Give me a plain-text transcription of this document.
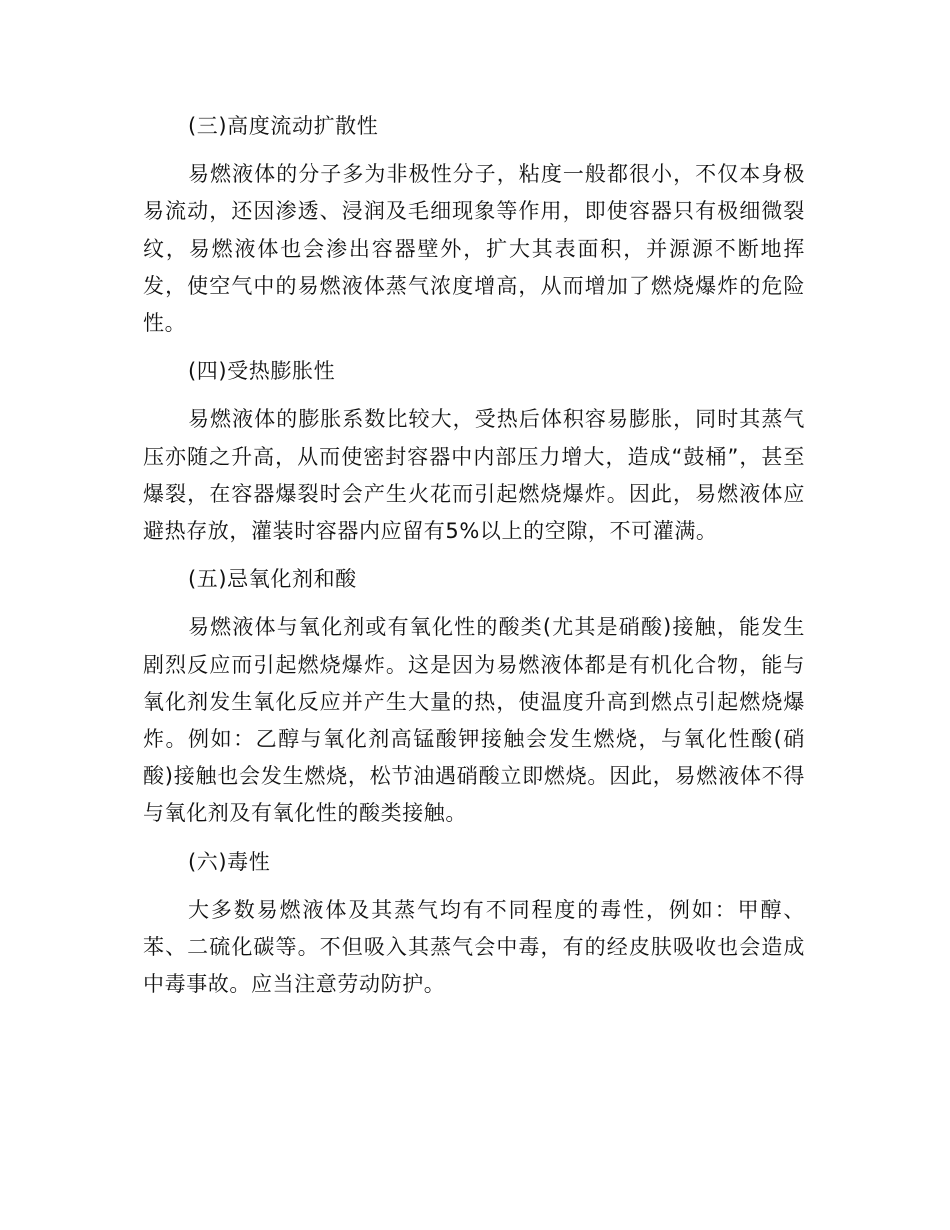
(三)高度流动扩散性

易燃液体的分子多为非极性分子，粘度一般都很小，不仅本身极易流动，还因渗透、浸润及毛细现象等作用，即使容器只有极细微裂纹，易燃液体也会渗出容器壁外，扩大其表面积，并源源不断地挥发，使空气中的易燃液体蒸气浓度增高，从而增加了燃烧爆炸的危险性。

(四)受热膨胀性

易燃液体的膨胀系数比较大，受热后体积容易膨胀，同时其蒸气压亦随之升高，从而使密封容器中内部压力增大，造成“鼓桶”，甚至爆裂，在容器爆裂时会产生火花而引起燃烧爆炸。因此，易燃液体应避热存放，灌装时容器内应留有5%以上的空隙，不可灌满。

(五)忌氧化剂和酸

易燃液体与氧化剂或有氧化性的酸类(尤其是硝酸)接触，能发生剧烈反应而引起燃烧爆炸。这是因为易燃液体都是有机化合物，能与氧化剂发生氧化反应并产生大量的热，使温度升高到燃点引起燃烧爆炸。例如：乙醇与氧化剂高锰酸钾接触会发生燃烧，与氧化性酸(硝酸)接触也会发生燃烧，松节油遇硝酸立即燃烧。因此，易燃液体不得与氧化剂及有氧化性的酸类接触。

(六)毒性

大多数易燃液体及其蒸气均有不同程度的毒性，例如：甲醇、苯、二硫化碳等。不但吸入其蒸气会中毒，有的经皮肤吸收也会造成中毒事故。应当注意劳动防护。
